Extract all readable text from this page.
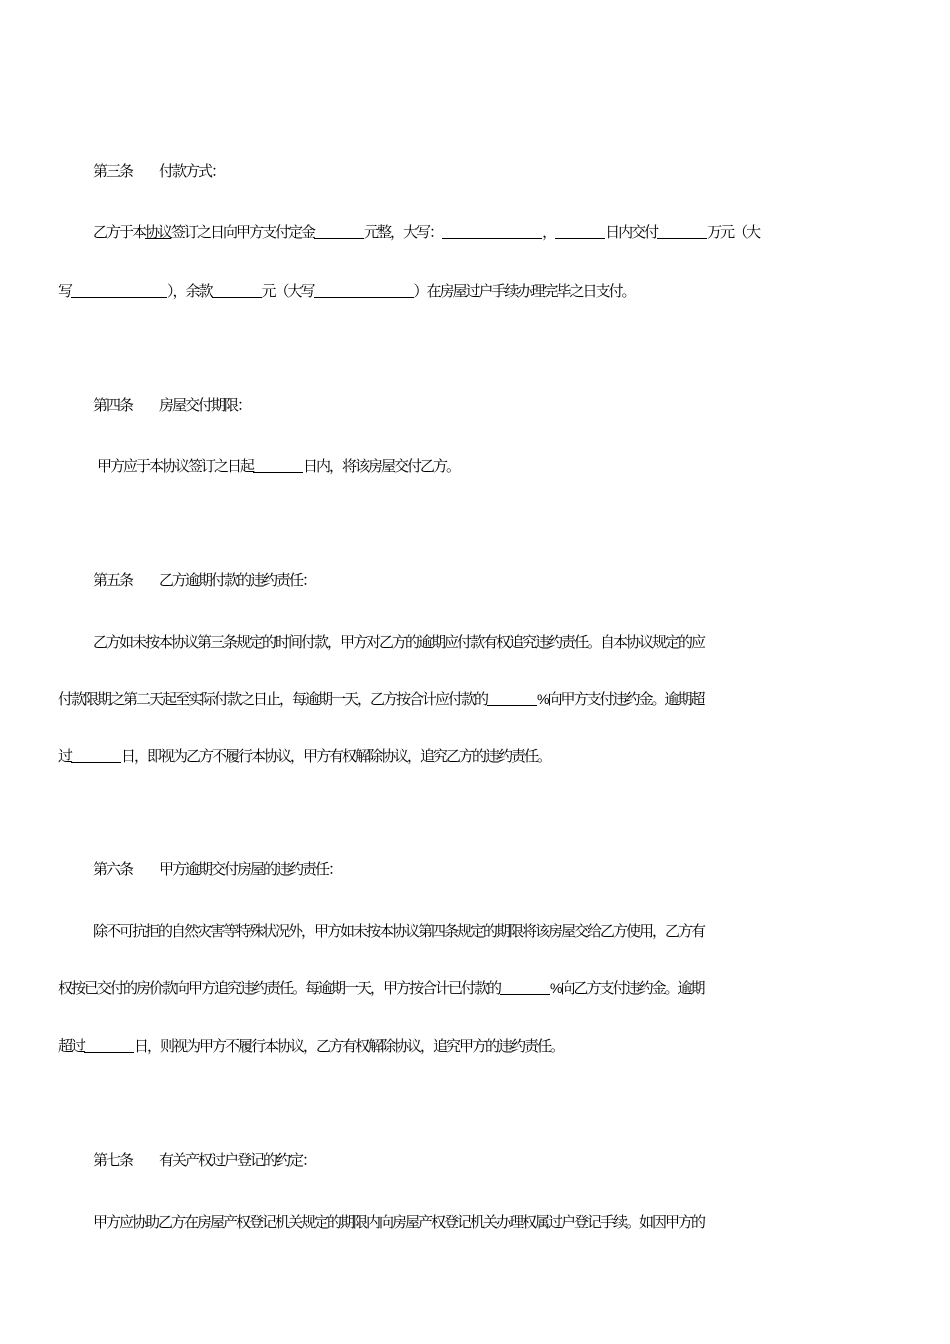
第三条 付款方式：
乙方于本协议签订之日向甲方支付定金	元整，大写：	，	日内交付	万元（大
写	），余款	元（大写	）在房屋过户手续办理完毕之日支付。
第四条 房屋交付期限：
甲方应于本协议签订之日起	日内，将该房屋交付乙方。
第五条 乙方逾期付款的违约责任：
乙方如未按本协议第三条规定的时间付款，甲方对乙方的逾期应付款有权追究违约责任。自本协议规定的应
付款限期之第二天起至实际付款之日止，每逾期一天，乙方按合计应付款的	%向甲方支付违约金。逾期超
过	日，即视为乙方不履行本协议，甲方有权解除协议，追究乙方的违约责任。
第六条 甲方逾期交付房屋的违约责任：
除不可抗拒的自然灾害等特殊状况外，甲方如未按本协议第四条规定的期限将该房屋交给乙方使用，乙方有
权按已交付的房价款向甲方追究违约责任。每逾期一天，甲方按合计已付款的	%向乙方支付违约金。逾期
超过	日，则视为甲方不履行本协议，乙方有权解除协议，追究甲方的违约责任。
第七条 有关产权过户登记的约定：
甲方应协助乙方在房屋产权登记机关规定的期限内向房屋产权登记机关办理权属过户登记手续。如因甲方的
